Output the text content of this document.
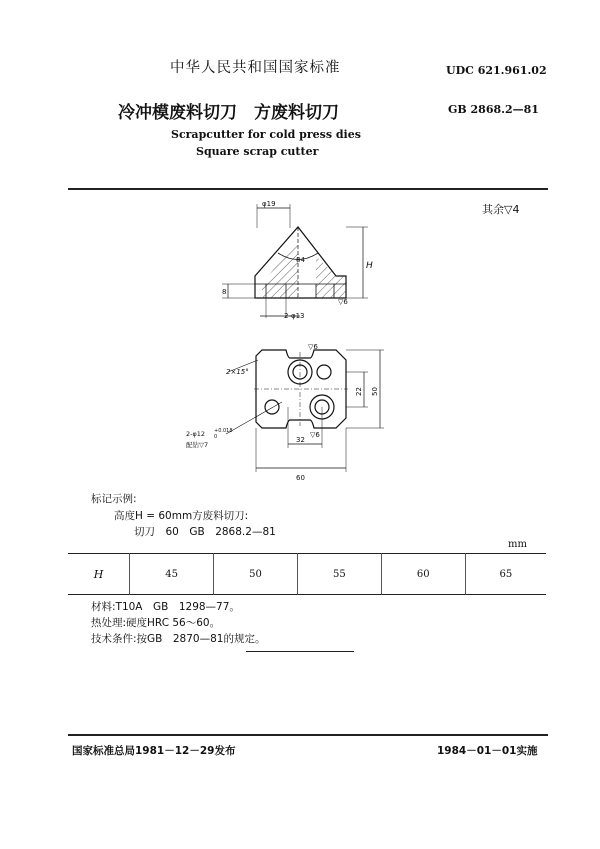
中华人民共和国国家标准	UDC 621.961.02
冷冲模废料切刀　方废料切刀	GB 2868.2—81
Scrapcutter for cold press dies
Square scrap cutter
其余▽4
φ19
84
8
H
2-φ13
▽6
▽6
2×15°
22 50
2-φ12 +0.018
0
配钻▽7
▽6
32
60
标记示例:
高度H = 60mm方废料切刀:
切刀　60　GB　2868.2—81
mm
H	45	50	55	60	65
材料:T10A　GB　1298—77。
热处理:硬度HRC 56～60。
技术条件:按GB　2870—81的规定。
国家标准总局1981－12－29发布	1984－01－01实施
